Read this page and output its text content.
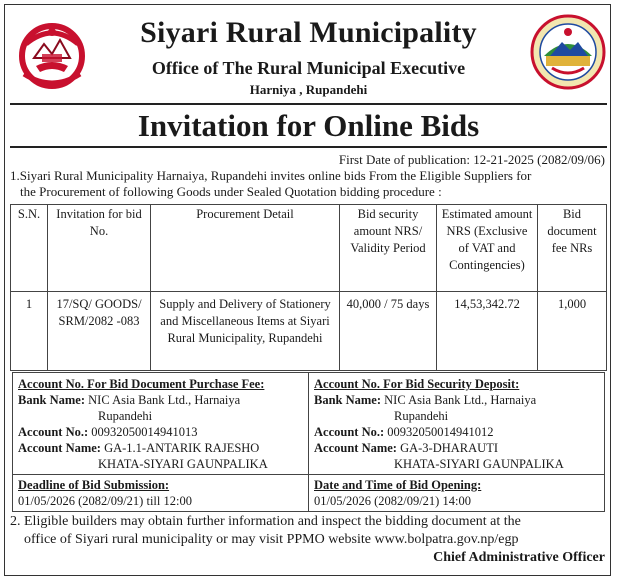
Siyari Rural Municipality
Office of The Rural Municipal Executive
Harniya , Rupandehi
Invitation for Online Bids
First Date of publication: 12-21-2025 (2082/09/06)
1.Siyari Rural Municipality Harnaiya, Rupandehi invites online bids From the Eligible Suppliers for
the Procurement of following Goods under Sealed Quotation bidding procedure :
S.N.	Invitation for bid No.	Procurement Detail	Bid security amount NRS/ Validity Period	Estimated amount NRS (Exclusive of VAT and Contingencies)	Bid document fee NRs
1	17/SQ/ GOODS/ SRM/2082 -083	Supply and Delivery of Stationery and Miscellaneous Items at Siyari Rural Municipality, Rupandehi	40,000 / 75 days	14,53,342.72	1,000
Account No. For Bid Document Purchase Fee:
Bank Name: NIC Asia Bank Ltd., Harnaiya
Rupandehi
Account No.: 00932050014941013
Account Name: GA-1.1-ANTARIK RAJESHO
KHATA-SIYARI GAUNPALIKA
Deadline of Bid Submission:
01/05/2026 (2082/09/21) till 12:00
Account No. For Bid Security Deposit:
Bank Name: NIC Asia Bank Ltd., Harnaiya
Rupandehi
Account No.: 00932050014941012
Account Name: GA-3-DHARAUTI
KHATA-SIYARI GAUNPALIKA
Date and Time of Bid Opening:
01/05/2026 (2082/09/21) 14:00
2. Eligible builders may obtain further information and inspect the bidding document at the
office of Siyari rural municipality or may visit PPMO website www.bolpatra.gov.np/egp
Chief Administrative Officer
